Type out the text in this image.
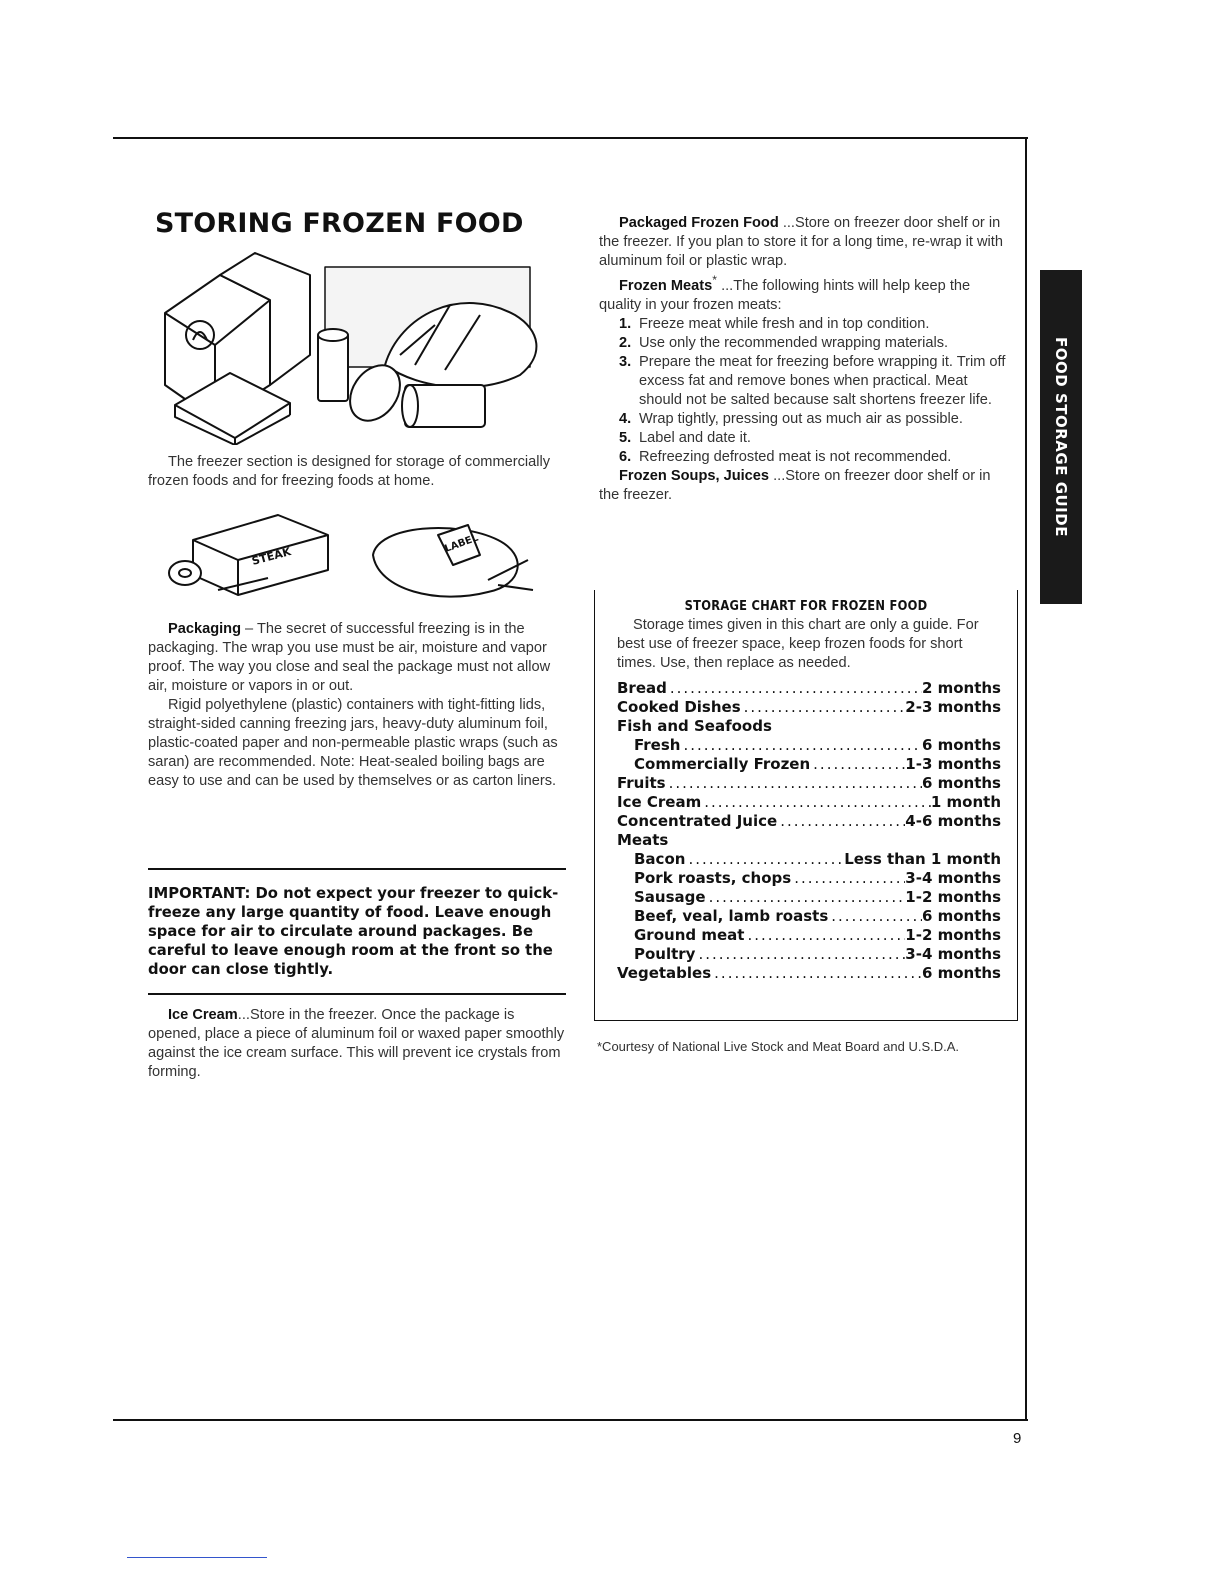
STORING FROZEN FOOD

The freezer section is designed for storage of commercially frozen foods and for freezing foods at home.

STEAK
LABEL

Packaging – The secret of successful freezing is in the packaging. The wrap you use must be air, moisture and vapor proof. The way you close and seal the package must not allow air, moisture or vapors in or out.

Rigid polyethylene (plastic) containers with tight-fitting lids, straight-sided canning freezing jars, heavy-duty aluminum foil, plastic-coated paper and non-permeable plastic wraps (such as saran) are recommended. Note: Heat-sealed boiling bags are easy to use and can be used by themselves or as carton liners.

IMPORTANT: Do not expect your freezer to quick-freeze any large quantity of food. Leave enough space for air to circulate around packages. Be careful to leave enough room at the front so the door can close tightly.

Ice Cream...Store in the freezer. Once the package is opened, place a piece of aluminum foil or waxed paper smoothly against the ice cream surface. This will prevent ice crystals from forming.

Packaged Frozen Food ...Store on freezer door shelf or in the freezer. If you plan to store it for a long time, re-wrap it with aluminum foil or plastic wrap.

Frozen Meats* ...The following hints will help keep the quality in your frozen meats:

1. Freeze meat while fresh and in top condition.
2. Use only the recommended wrapping materials.
3. Prepare the meat for freezing before wrapping it. Trim off excess fat and remove bones when practical. Meat should not be salted because salt shortens freezer life.
4. Wrap tightly, pressing out as much air as possible.
5. Label and date it.
6. Refreezing defrosted meat is not recommended.

Frozen Soups, Juices ...Store on freezer door shelf or in the freezer.

STORAGE CHART FOR FROZEN FOOD

Storage times given in this chart are only a guide. For best use of freezer space, keep frozen foods for short times. Use, then replace as needed.

Bread .....	2 months
Cooked Dishes .....	2-3 months
Fish and Seafoods
Fresh .....	6 months
Commercially Frozen .....	1-3 months
Fruits .....	6 months
Ice Cream .....	1 month
Concentrated Juice .....	4-6 months
Meats
Bacon .....	Less than 1 month
Pork roasts, chops .....	3-4 months
Sausage .....	1-2 months
Beef, veal, lamb roasts .....	6 months
Ground meat .....	1-2 months
Poultry .....	3-4 months
Vegetables .....	6 months

*Courtesy of National Live Stock and Meat Board and U.S.D.A.

FOOD STORAGE GUIDE
9
